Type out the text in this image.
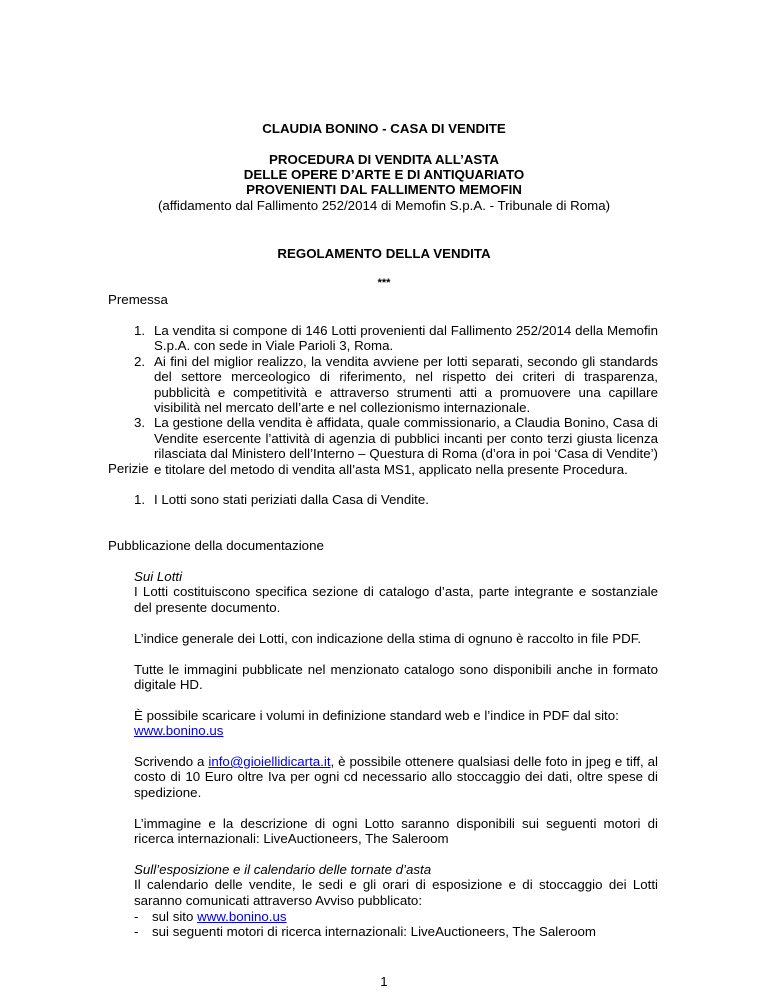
CLAUDIA BONINO - CASA DI VENDITE
PROCEDURA DI VENDITA ALL’ASTA
DELLE OPERE D’ARTE E DI ANTIQUARIATO
PROVENIENTI DAL FALLIMENTO MEMOFIN
(affidamento dal Fallimento 252/2014 di Memofin S.p.A. - Tribunale di Roma)
REGOLAMENTO DELLA VENDITA
***
Premessa
1. La vendita si compone di 146 Lotti provenienti dal Fallimento 252/2014 della Memofin S.p.A. con sede in Viale Parioli 3, Roma.
2. Ai fini del miglior realizzo, la vendita avviene per lotti separati, secondo gli standards del settore merceologico di riferimento, nel rispetto dei criteri di trasparenza, pubblicità e competitività e attraverso strumenti atti a promuovere una capillare visibilità nel mercato dell’arte e nel collezionismo internazionale.
3. La gestione della vendita è affidata, quale commissionario, a Claudia Bonino, Casa di Vendite esercente l’attività di agenzia di pubblici incanti per conto terzi giusta licenza rilasciata dal Ministero dell’Interno – Questura di Roma (d’ora in poi ‘Casa di Vendite’) e titolare del metodo di vendita all’asta MS1, applicato nella presente Procedura.
Perizie
1. I Lotti sono stati periziati dalla Casa di Vendite.
Pubblicazione della documentazione

Sui Lotti

I Lotti costituiscono specifica sezione di catalogo d’asta, parte integrante e sostanziale del presente documento.

L’indice generale dei Lotti, con indicazione della stima di ognuno è raccolto in file PDF.
Tutte le immagini pubblicate nel menzionato catalogo sono disponibili anche in formato digitale HD.

È possibile scaricare i volumi in definizione standard web e l’indice in PDF dal sito:

www.bonino.us

Scrivendo a info@gioiellidicarta.it, è possibile ottenere qualsiasi delle foto in jpeg e tiff, al costo di 10 Euro oltre Iva per ogni cd necessario allo stoccaggio dei dati, oltre spese di spedizione.
L’immagine e la descrizione di ogni Lotto saranno disponibili sui seguenti motori di ricerca internazionali: LiveAuctioneers, The Saleroom

Sull’esposizione e il calendario delle tornate d’asta

Il calendario delle vendite, le sedi e gli orari di esposizione e di stoccaggio dei Lotti saranno comunicati attraverso Avviso pubblicato:

- sul sito www.bonino.us
- sui seguenti motori di ricerca internazionali: LiveAuctioneers, The Saleroom
1
